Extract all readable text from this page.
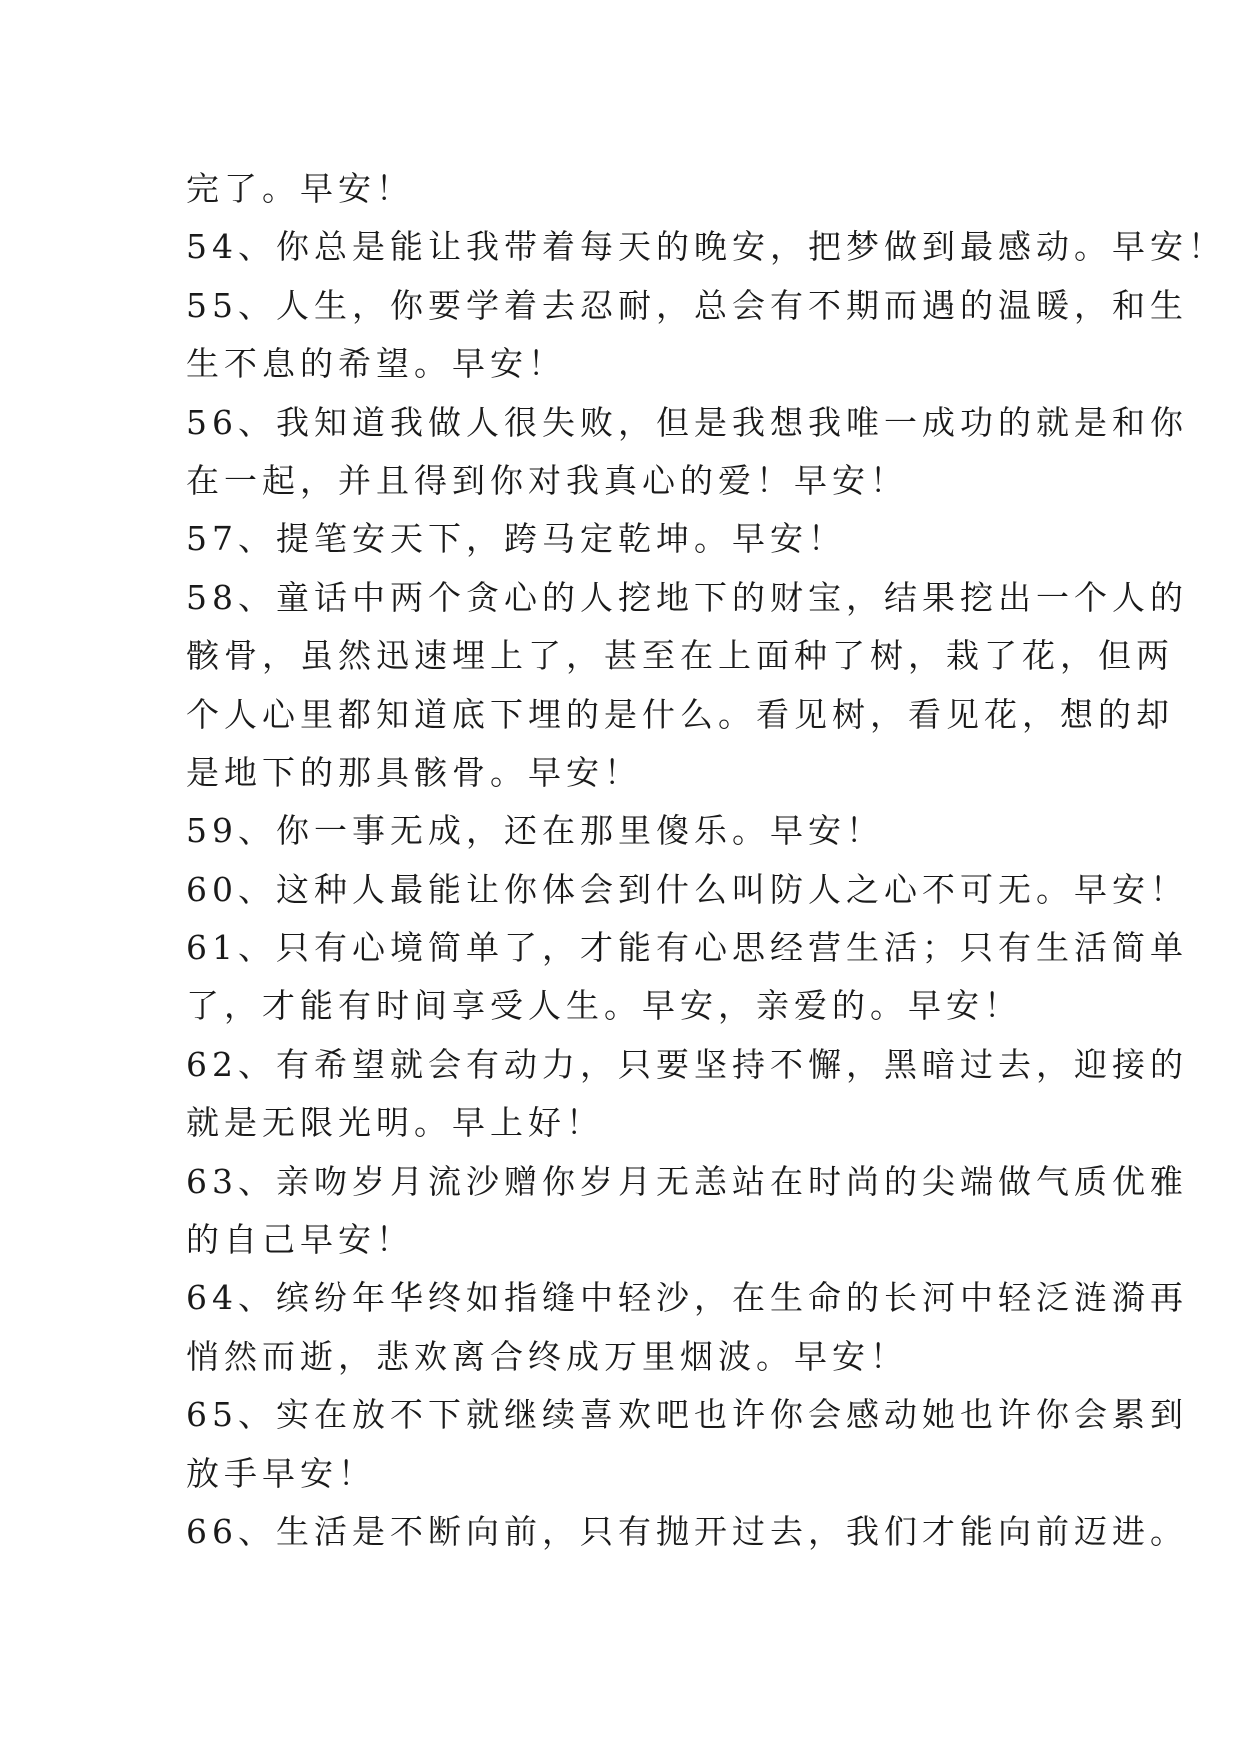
完了。早安！
54、你总是能让我带着每天的晚安，把梦做到最感动。早安！
55、人生，你要学着去忍耐，总会有不期而遇的温暖，和生
生不息的希望。早安！
56、我知道我做人很失败，但是我想我唯一成功的就是和你
在一起，并且得到你对我真心的爱！早安！
57、提笔安天下，跨马定乾坤。早安！
58、童话中两个贪心的人挖地下的财宝，结果挖出一个人的
骸骨，虽然迅速埋上了，甚至在上面种了树，栽了花，但两
个人心里都知道底下埋的是什么。看见树，看见花，想的却
是地下的那具骸骨。早安！
59、你一事无成，还在那里傻乐。早安！
60、这种人最能让你体会到什么叫防人之心不可无。早安！
61、只有心境简单了，才能有心思经营生活；只有生活简单
了，才能有时间享受人生。早安，亲爱的。早安！
62、有希望就会有动力，只要坚持不懈，黑暗过去，迎接的
就是无限光明。早上好！
63、亲吻岁月流沙赠你岁月无恙站在时尚的尖端做气质优雅
的自己早安！
64、缤纷年华终如指缝中轻沙，在生命的长河中轻泛涟漪再
悄然而逝，悲欢离合终成万里烟波。早安！
65、实在放不下就继续喜欢吧也许你会感动她也许你会累到
放手早安！
66、生活是不断向前，只有抛开过去，我们才能向前迈进。
